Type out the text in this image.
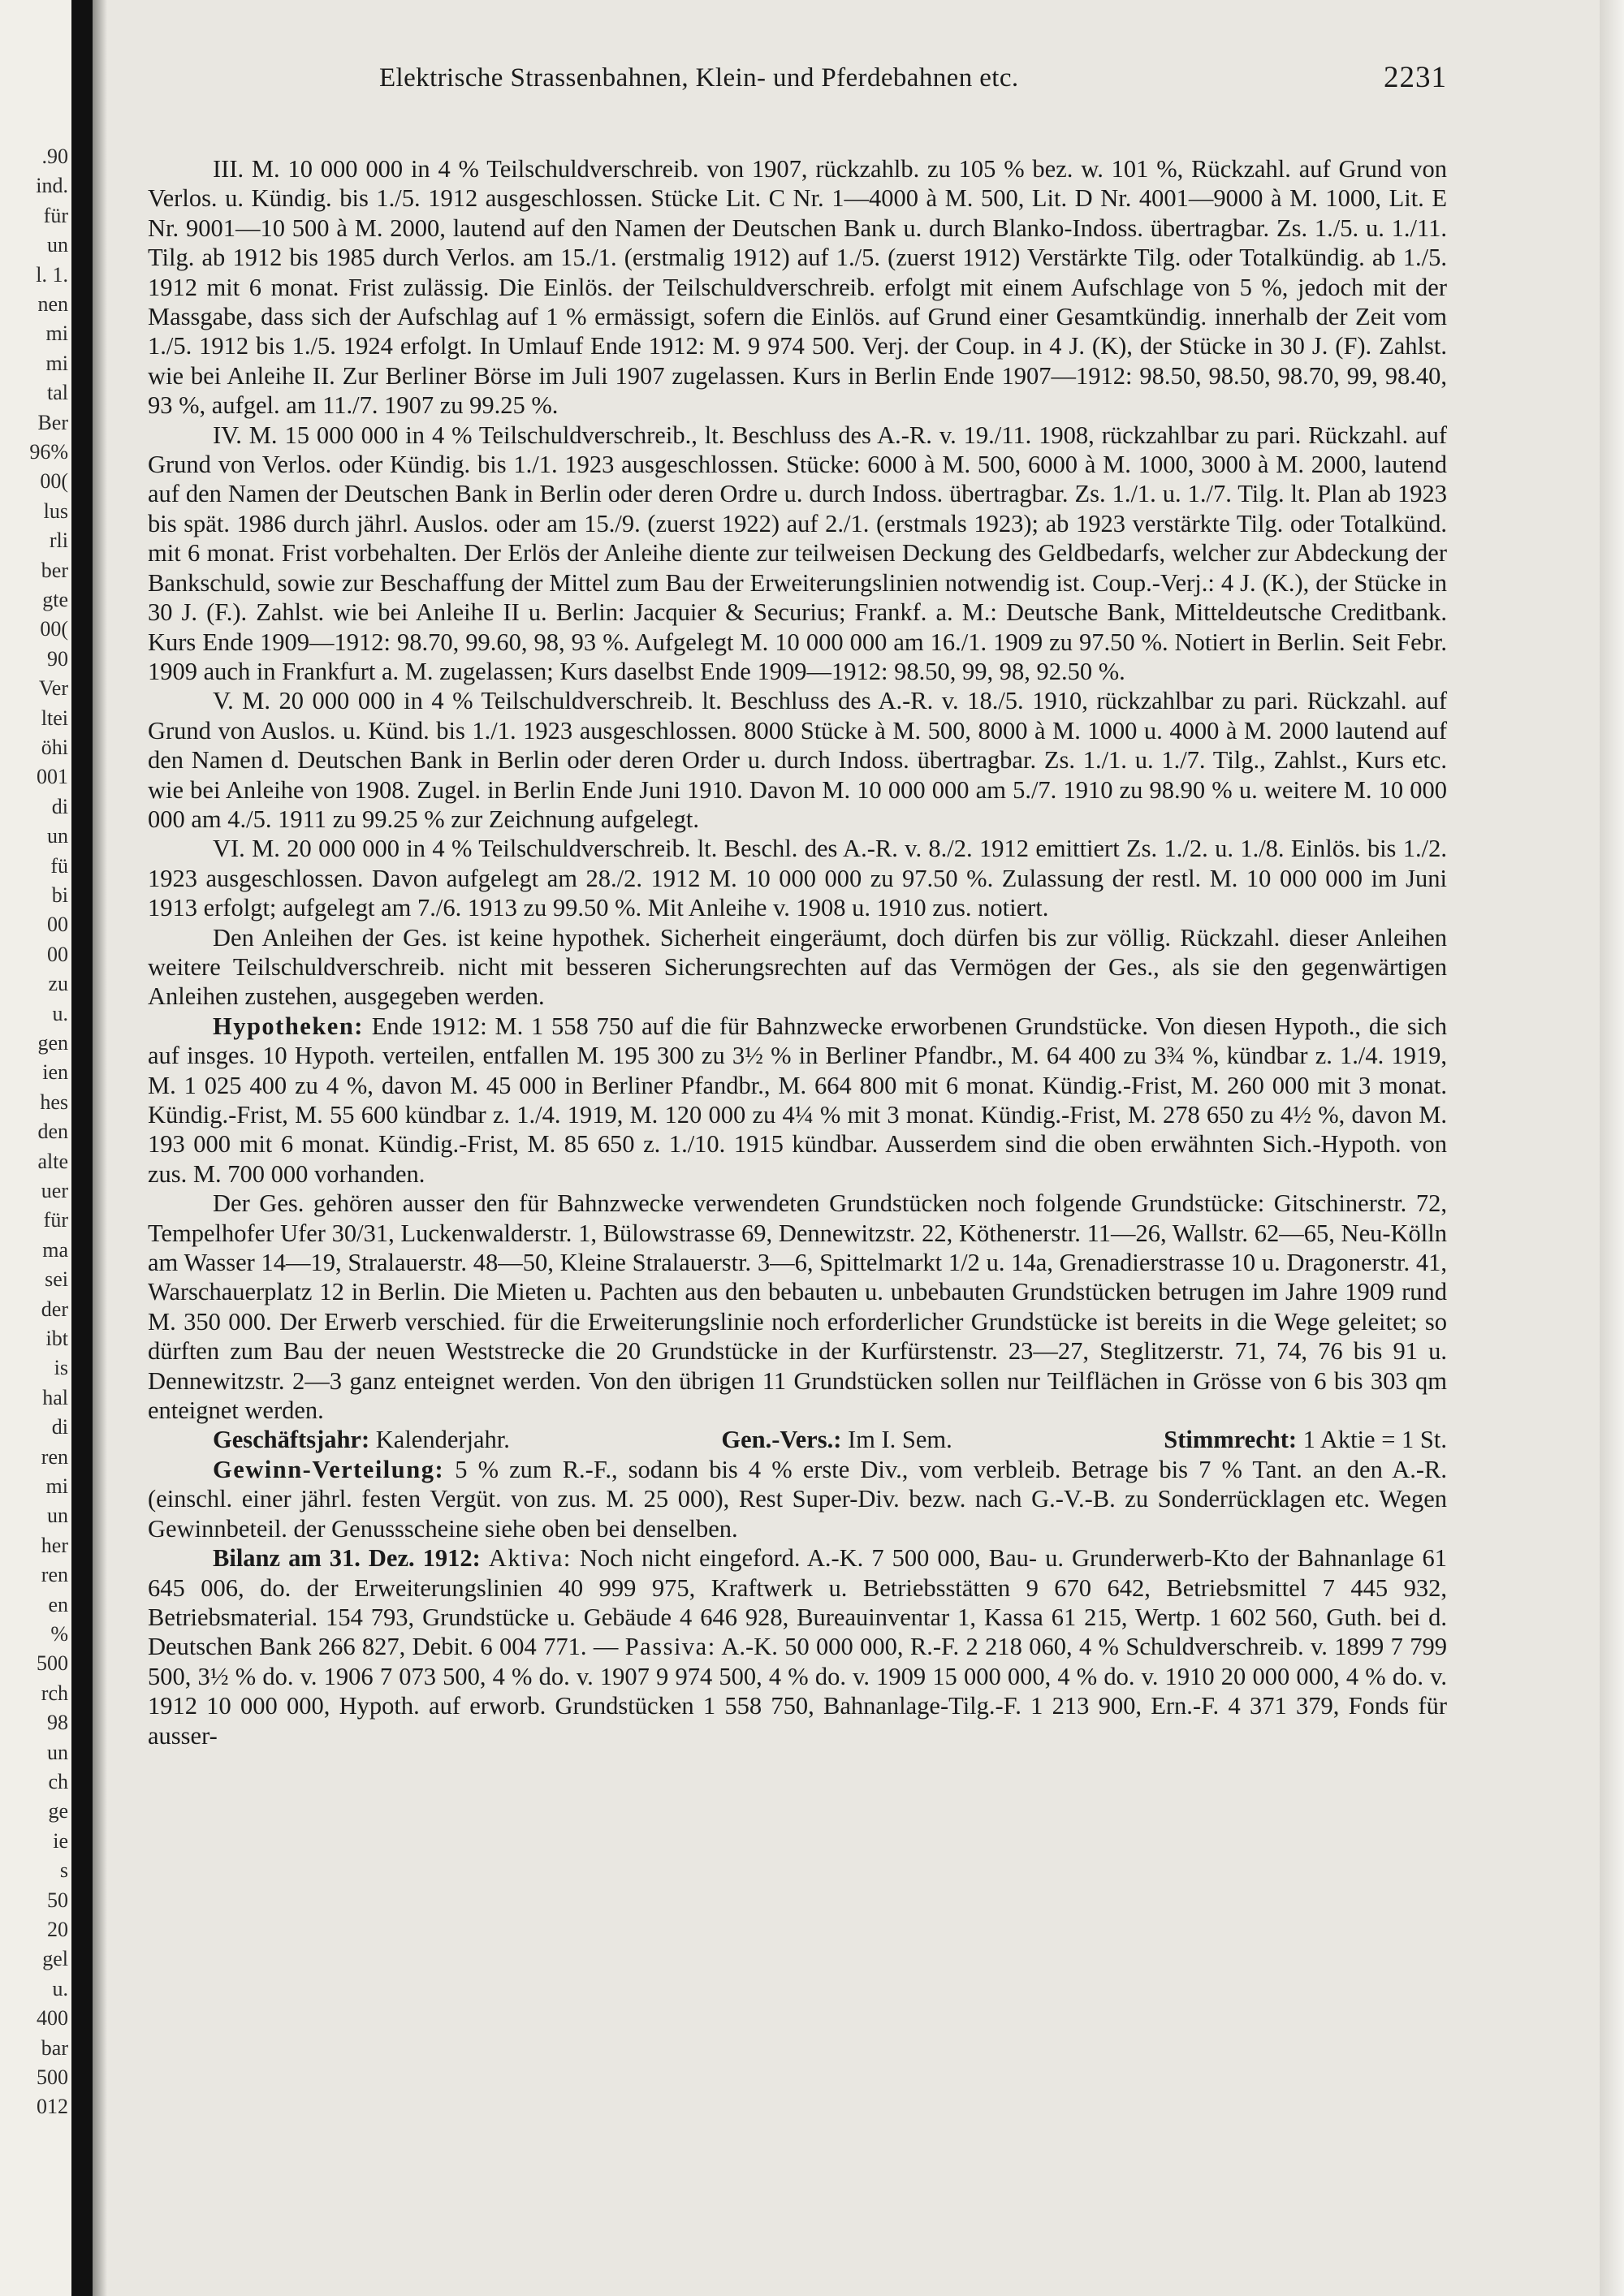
.90
ind.
für
un
l. 1.
nen
mi
mi
tal
Ber
96%
00(
lus
rli
ber
gte
00(
90
Ver
ltei
öhi
001
di
un
fü
bi
00
00
zu
u.
gen
ien
hes
den
alte
uer
für
ma
sei
der
ibt
is
hal
di
ren
mi
un
her
ren
en
%
500
rch
98
un
ch
ge
ie
s
50
20
gel
u.
400
bar
500
012
Elektrische Strassenbahnen, Klein- und Pferdebahnen etc.	2231

III. M. 10 000 000 in 4 % Teilschuldverschreib. von 1907, rückzahlb. zu 105 % bez. w. 101 %, Rückzahl. auf Grund von Verlos. u. Kündig. bis 1./5. 1912 ausgeschlossen. Stücke Lit. C Nr. 1—4000 à M. 500, Lit. D Nr. 4001—9000 à M. 1000, Lit. E Nr. 9001—10 500 à M. 2000, lautend auf den Namen der Deutschen Bank u. durch Blanko-Indoss. übertragbar. Zs. 1./5. u. 1./11. Tilg. ab 1912 bis 1985 durch Verlos. am 15./1. (erstmalig 1912) auf 1./5. (zuerst 1912) Verstärkte Tilg. oder Totalkündig. ab 1./5. 1912 mit 6 monat. Frist zulässig. Die Einlös. der Teilschuldverschreib. erfolgt mit einem Aufschlage von 5 %, jedoch mit der Massgabe, dass sich der Aufschlag auf 1 % ermässigt, sofern die Einlös. auf Grund einer Gesamtkündig. innerhalb der Zeit vom 1./5. 1912 bis 1./5. 1924 erfolgt. In Umlauf Ende 1912: M. 9 974 500. Verj. der Coup. in 4 J. (K), der Stücke in 30 J. (F). Zahlst. wie bei Anleihe II. Zur Berliner Börse im Juli 1907 zugelassen. Kurs in Berlin Ende 1907—1912: 98.50, 98.50, 98.70, 99, 98.40, 93 %, aufgel. am 11./7. 1907 zu 99.25 %.

IV. M. 15 000 000 in 4 % Teilschuldverschreib., lt. Beschluss des A.-R. v. 19./11. 1908, rückzahlbar zu pari. Rückzahl. auf Grund von Verlos. oder Kündig. bis 1./1. 1923 ausgeschlossen. Stücke: 6000 à M. 500, 6000 à M. 1000, 3000 à M. 2000, lautend auf den Namen der Deutschen Bank in Berlin oder deren Ordre u. durch Indoss. übertragbar. Zs. 1./1. u. 1./7. Tilg. lt. Plan ab 1923 bis spät. 1986 durch jährl. Auslos. oder am 15./9. (zuerst 1922) auf 2./1. (erstmals 1923); ab 1923 verstärkte Tilg. oder Totalkünd. mit 6 monat. Frist vorbehalten. Der Erlös der Anleihe diente zur teilweisen Deckung des Geldbedarfs, welcher zur Abdeckung der Bankschuld, sowie zur Beschaffung der Mittel zum Bau der Erweiterungslinien notwendig ist. Coup.-Verj.: 4 J. (K.), der Stücke in 30 J. (F.). Zahlst. wie bei Anleihe II u. Berlin: Jacquier & Securius; Frankf. a. M.: Deutsche Bank, Mitteldeutsche Creditbank. Kurs Ende 1909—1912: 98.70, 99.60, 98, 93 %. Aufgelegt M. 10 000 000 am 16./1. 1909 zu 97.50 %. Notiert in Berlin. Seit Febr. 1909 auch in Frankfurt a. M. zugelassen; Kurs daselbst Ende 1909—1912: 98.50, 99, 98, 92.50 %.

V. M. 20 000 000 in 4 % Teilschuldverschreib. lt. Beschluss des A.-R. v. 18./5. 1910, rückzahlbar zu pari. Rückzahl. auf Grund von Auslos. u. Künd. bis 1./1. 1923 ausgeschlossen. 8000 Stücke à M. 500, 8000 à M. 1000 u. 4000 à M. 2000 lautend auf den Namen d. Deutschen Bank in Berlin oder deren Order u. durch Indoss. übertragbar. Zs. 1./1. u. 1./7. Tilg., Zahlst., Kurs etc. wie bei Anleihe von 1908. Zugel. in Berlin Ende Juni 1910. Davon M. 10 000 000 am 5./7. 1910 zu 98.90 % u. weitere M. 10 000 000 am 4./5. 1911 zu 99.25 % zur Zeichnung aufgelegt.

VI. M. 20 000 000 in 4 % Teilschuldverschreib. lt. Beschl. des A.-R. v. 8./2. 1912 emittiert Zs. 1./2. u. 1./8. Einlös. bis 1./2. 1923 ausgeschlossen. Davon aufgelegt am 28./2. 1912 M. 10 000 000 zu 97.50 %. Zulassung der restl. M. 10 000 000 im Juni 1913 erfolgt; aufgelegt am 7./6. 1913 zu 99.50 %. Mit Anleihe v. 1908 u. 1910 zus. notiert.

Den Anleihen der Ges. ist keine hypothek. Sicherheit eingeräumt, doch dürfen bis zur völlig. Rückzahl. dieser Anleihen weitere Teilschuldverschreib. nicht mit besseren Sicherungsrechten auf das Vermögen der Ges., als sie den gegenwärtigen Anleihen zustehen, ausgegeben werden.

Hypotheken: Ende 1912: M. 1 558 750 auf die für Bahnzwecke erworbenen Grundstücke. Von diesen Hypoth., die sich auf insges. 10 Hypoth. verteilen, entfallen M. 195 300 zu 3½ % in Berliner Pfandbr., M. 64 400 zu 3¾ %, kündbar z. 1./4. 1919, M. 1 025 400 zu 4 %, davon M. 45 000 in Berliner Pfandbr., M. 664 800 mit 6 monat. Kündig.-Frist, M. 260 000 mit 3 monat. Kündig.-Frist, M. 55 600 kündbar z. 1./4. 1919, M. 120 000 zu 4¼ % mit 3 monat. Kündig.-Frist, M. 278 650 zu 4½ %, davon M. 193 000 mit 6 monat. Kündig.-Frist, M. 85 650 z. 1./10. 1915 kündbar. Ausserdem sind die oben erwähnten Sich.-Hypoth. von zus. M. 700 000 vorhanden.

Der Ges. gehören ausser den für Bahnzwecke verwendeten Grundstücken noch folgende Grundstücke: Gitschinerstr. 72, Tempelhofer Ufer 30/31, Luckenwalderstr. 1, Bülowstrasse 69, Dennewitzstr. 22, Köthenerstr. 11—26, Wallstr. 62—65, Neu-Kölln am Wasser 14—19, Stralauerstr. 48—50, Kleine Stralauerstr. 3—6, Spittelmarkt 1/2 u. 14a, Grenadierstrasse 10 u. Dragonerstr. 41, Warschauerplatz 12 in Berlin. Die Mieten u. Pachten aus den bebauten u. unbebauten Grundstücken betrugen im Jahre 1909 rund M. 350 000. Der Erwerb verschied. für die Erweiterungslinie noch erforderlicher Grundstücke ist bereits in die Wege geleitet; so dürften zum Bau der neuen Weststrecke die 20 Grundstücke in der Kurfürstenstr. 23—27, Steglitzerstr. 71, 74, 76 bis 91 u. Dennewitzstr. 2—3 ganz enteignet werden. Von den übrigen 11 Grundstücken sollen nur Teilflächen in Grösse von 6 bis 303 qm enteignet werden.

Geschäftsjahr: Kalenderjahr.	Gen.-Vers.: Im I. Sem.	Stimmrecht: 1 Aktie = 1 St.

Gewinn-Verteilung: 5 % zum R.-F., sodann bis 4 % erste Div., vom verbleib. Betrage bis 7 % Tant. an den A.-R. (einschl. einer jährl. festen Vergüt. von zus. M. 25 000), Rest Super-Div. bezw. nach G.-V.-B. zu Sonderrücklagen etc. Wegen Gewinnbeteil. der Genussscheine siehe oben bei denselben.

Bilanz am 31. Dez. 1912: Aktiva: Noch nicht eingeford. A.-K. 7 500 000, Bau- u. Grunderwerb-Kto der Bahnanlage 61 645 006, do. der Erweiterungslinien 40 999 975, Kraftwerk u. Betriebsstätten 9 670 642, Betriebsmittel 7 445 932, Betriebsmaterial. 154 793, Grundstücke u. Gebäude 4 646 928, Bureauinventar 1, Kassa 61 215, Wertp. 1 602 560, Guth. bei d. Deutschen Bank 266 827, Debit. 6 004 771. — Passiva: A.-K. 50 000 000, R.-F. 2 218 060, 4 % Schuldverschreib. v. 1899 7 799 500, 3½ % do. v. 1906 7 073 500, 4 % do. v. 1907 9 974 500, 4 % do. v. 1909 15 000 000, 4 % do. v. 1910 20 000 000, 4 % do. v. 1912 10 000 000, Hypoth. auf erworb. Grundstücken 1 558 750, Bahnanlage-Tilg.-F. 1 213 900, Ern.-F. 4 371 379, Fonds für ausser-
